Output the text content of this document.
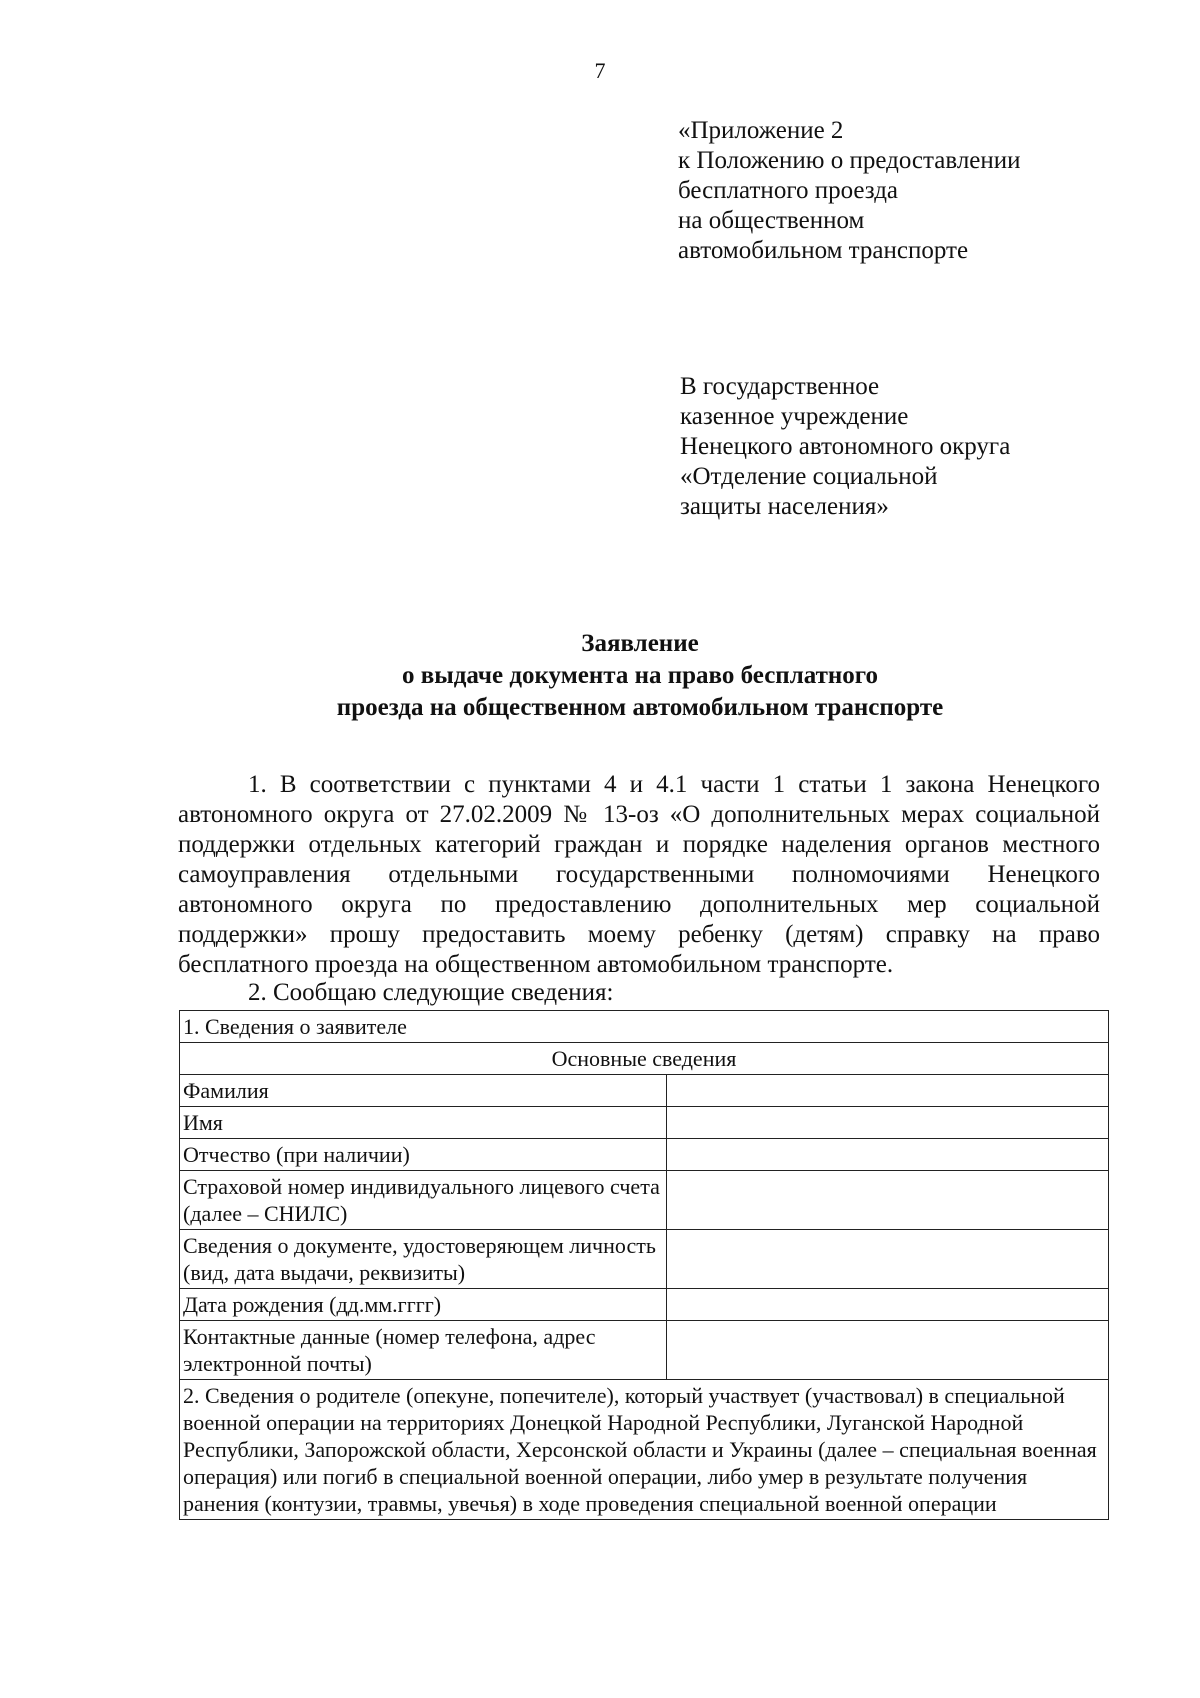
7
«Приложение 2
к Положению о предоставлении
бесплатного проезда
на общественном
автомобильном транспорте
В государственное
казенное учреждение
Ненецкого автономного округа
«Отделение социальной
защиты населения»
Заявление
о выдаче документа на право бесплатного
проезда на общественном автомобильном транспорте

1. В соответствии с пунктами 4 и 4.1 части 1 статьи 1 закона Ненецкого автономного округа от 27.02.2009 № 13-оз «О дополнительных мерах социальной поддержки отдельных категорий граждан и порядке наделения органов местного самоуправления отдельными государственными полномочиями Ненецкого автономного округа по предоставлению дополнительных мер социальной поддержки» прошу предоставить моему ребенку (детям) справку на право бесплатного проезда на общественном автомобильном транспорте.

2. Сообщаю следующие сведения:
1. Сведения о заявителе	
Основные сведения	
Фамилия	
Имя	
Отчество (при наличии)	
Страховой номер индивидуального лицевого счета (далее – СНИЛС)	
Сведения о документе, удостоверяющем личность (вид, дата выдачи, реквизиты)	
Дата рождения (дд.мм.гггг)	
Контактные данные (номер телефона, адрес электронной почты)	
2. Сведения о родителе (опекуне, попечителе), который участвует (участвовал) в специальной военной операции на территориях Донецкой Народной Республики, Луганской Народной Республики, Запорожской области, Херсонской области и Украины (далее – специальная военная операция) или погиб в специальной военной операции, либо умер в результате получения ранения (контузии, травмы, увечья) в ходе проведения специальной военной операции	
